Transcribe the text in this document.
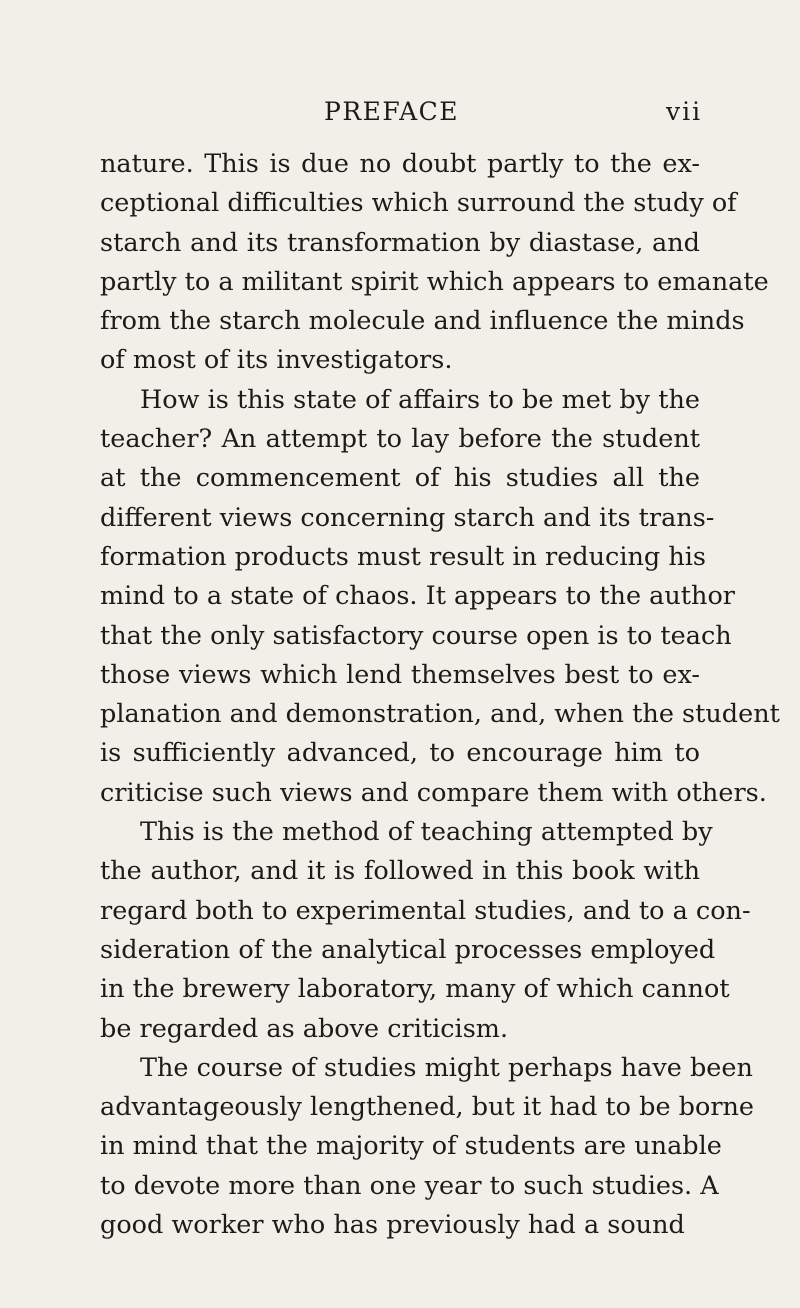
PREFACE	vii
nature. This is due no doubt partly to the ex-
ceptional difficulties which surround the study of
starch and its transformation by diastase, and
partly to a militant spirit which appears to emanate
from the starch molecule and influence the minds
of most of its investigators.
How is this state of affairs to be met by the
teacher? An attempt to lay before the student
at the commencement of his studies all the
different views concerning starch and its trans-
formation products must result in reducing his
mind to a state of chaos. It appears to the author
that the only satisfactory course open is to teach
those views which lend themselves best to ex-
planation and demonstration, and, when the student
is sufficiently advanced, to encourage him to
criticise such views and compare them with others.
This is the method of teaching attempted by
the author, and it is followed in this book with
regard both to experimental studies, and to a con-
sideration of the analytical processes employed
in the brewery laboratory, many of which cannot
be regarded as above criticism.
The course of studies might perhaps have been
advantageously lengthened, but it had to be borne
in mind that the majority of students are unable
to devote more than one year to such studies. A
good worker who has previously had a sound
